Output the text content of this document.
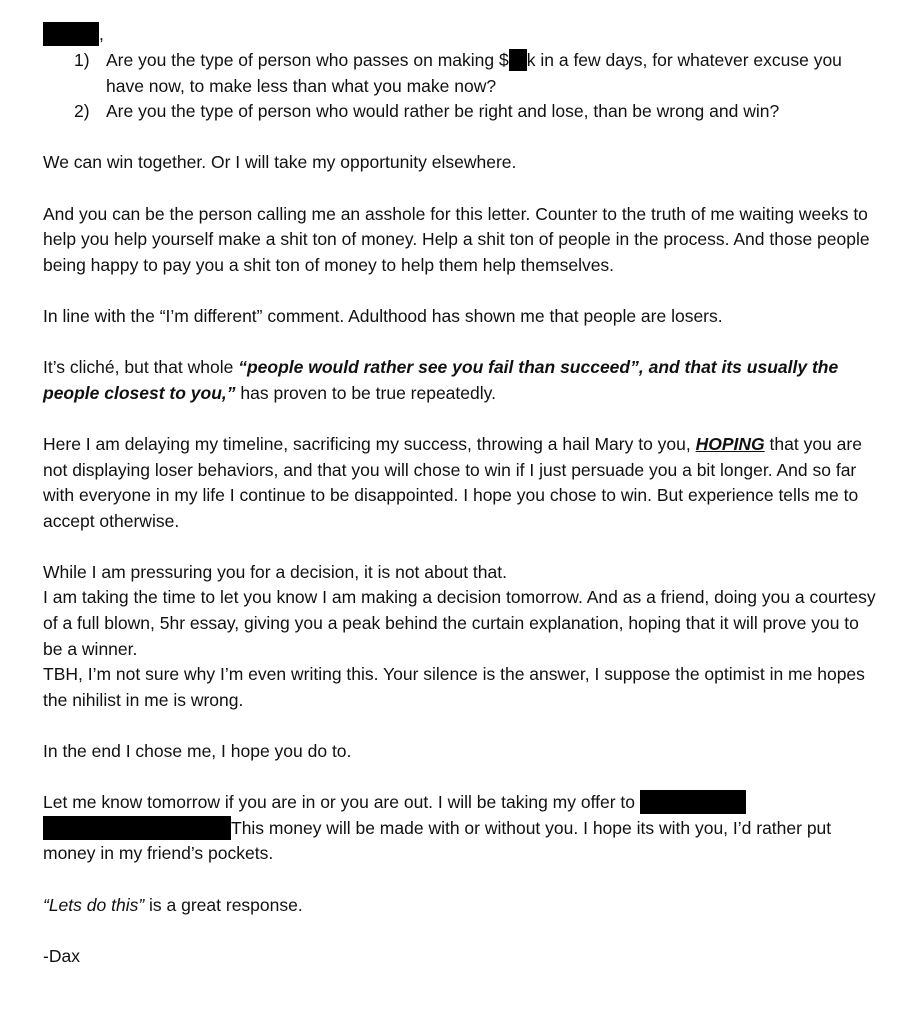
,
1) Are you the type of person who passes on making $ k in a few days, for whatever excuse you have now, to make less than what you make now?
2) Are you the type of person who would rather be right and lose, than be wrong and win?

We can win together. Or I will take my opportunity elsewhere.

And you can be the person calling me an asshole for this letter. Counter to the truth of me waiting weeks to help you help yourself make a shit ton of money. Help a shit ton of people in the process. And those people being happy to pay you a shit ton of money to help them help themselves.

In line with the “I’m different” comment. Adulthood has shown me that people are losers.

It’s cliché, but that whole “people would rather see you fail than succeed”, and that its usually the people closest to you,” has proven to be true repeatedly.

Here I am delaying my timeline, sacrificing my success, throwing a hail Mary to you, HOPING that you are not displaying loser behaviors, and that you will chose to win if I just persuade you a bit longer. And so far with everyone in my life I continue to be disappointed. I hope you chose to win. But experience tells me to accept otherwise.

While I am pressuring you for a decision, it is not about that.
I am taking the time to let you know I am making a decision tomorrow. And as a friend, doing you a courtesy of a full blown, 5hr essay, giving you a peak behind the curtain explanation, hoping that it will prove you to be a winner.
TBH, I’m not sure why I’m even writing this. Your silence is the answer, I suppose the optimist in me hopes the nihilist in me is wrong.

In the end I chose me, I hope you do to.

Let me know tomorrow if you are in or you are out. I will be taking my offer to
This money will be made with or without you. I hope its with you, I’d rather put money in my friend’s pockets.

“Lets do this” is a great response.

-Dax
